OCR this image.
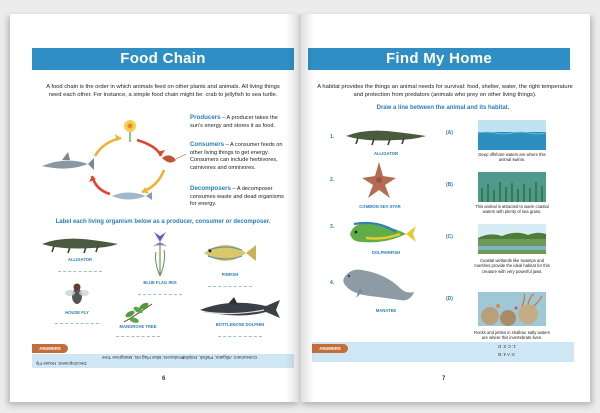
Food Chain
A food chain is the order in which animals feed on other plants and animals. All living things need each other. For instance, a simple food chain might be: crab to jellyfish to sea turtle.
Producers – A producer takes the sun's energy and stores it as food.
Consumers – A consumer feeds on other living things to get energy. Consumers can include herbivores, carnivores and omnivores.
Decomposers – A decomposer consumes waste and dead organisms for energy.
Label each living organism below as a producer, consumer or decomposer.
ALLIGATOR
BLUE FLAG IRIS
PINFISH
HOUSE FLY
MANGROVE TREE	BOTTLENOSE DOLPHIN
ANSWERS
Consumers: Alligator, Pinfish, Dolphin
Producers: Blue Flag Iris, Mangrove Tree
Decomposers: House Fly
6
Find My Home
A habitat provides the things an animal needs for survival: food, shelter, water, the right temperature and protection from predators (animals who prey on other living things).
Draw a line between the animal and its habitat.
1.
ALLIGATOR
2.
COMMON SEA STAR
3.
DOLPHINFISH
4.
MANATEE
(A)
Deep offshore waters are where this animal swims.
(B)
This animal is attracted to warm coastal waters with plenty of sea grass.
(C)
Coastal wetlands like swamps and marshes provide the ideal habitat for this creature with very powerful jaws.
(D)
Rocks and jetties in shallow, salty waters are where this invertebrate lives.
1: C 2: D
3: A 4: B
ANSWERS
7
